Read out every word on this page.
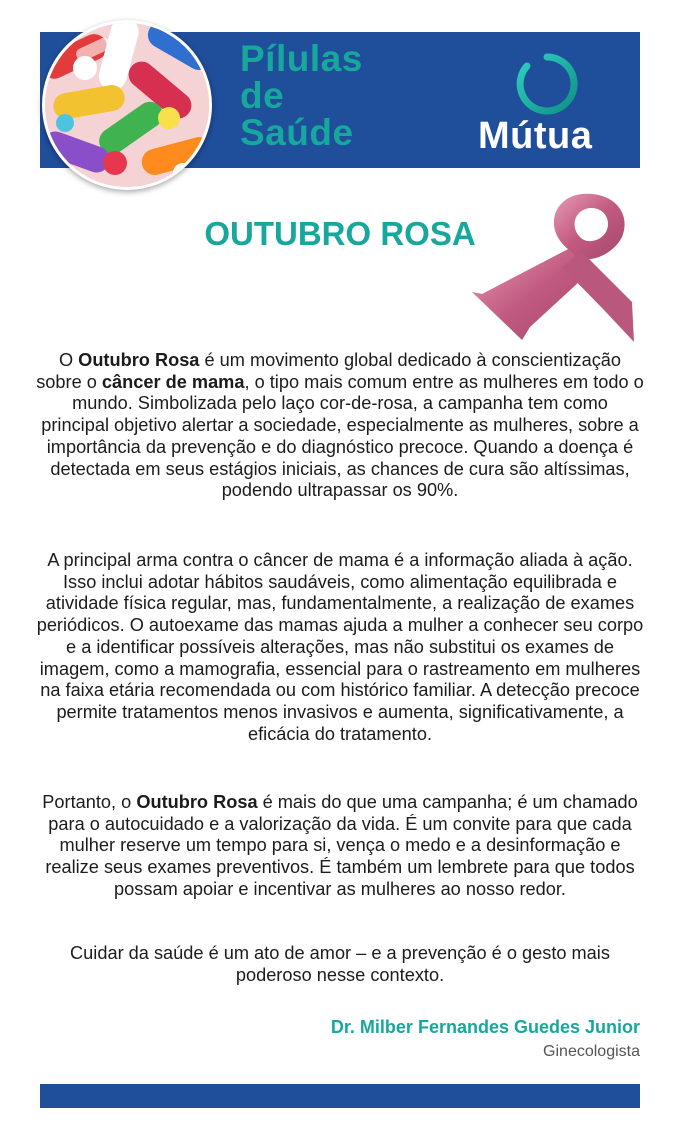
Pílulas
de
Saúde	Mútua
OUTUBRO ROSA
O Outubro Rosa é um movimento global dedicado à conscientização sobre o câncer de mama, o tipo mais comum entre as mulheres em todo o mundo. Simbolizada pelo laço cor-de-rosa, a campanha tem como principal objetivo alertar a sociedade, especialmente as mulheres, sobre a importância da prevenção e do diagnóstico precoce. Quando a doença é detectada em seus estágios iniciais, as chances de cura são altíssimas, podendo ultrapassar os 90%.
A principal arma contra o câncer de mama é a informação aliada à ação. Isso inclui adotar hábitos saudáveis, como alimentação equilibrada e atividade física regular, mas, fundamentalmente, a realização de exames periódicos. O autoexame das mamas ajuda a mulher a conhecer seu corpo e a identificar possíveis alterações, mas não substitui os exames de imagem, como a mamografia, essencial para o rastreamento em mulheres na faixa etária recomendada ou com histórico familiar. A detecção precoce permite tratamentos menos invasivos e aumenta, significativamente, a eficácia do tratamento.
Portanto, o Outubro Rosa é mais do que uma campanha; é um chamado para o autocuidado e a valorização da vida. É um convite para que cada mulher reserve um tempo para si, vença o medo e a desinformação e realize seus exames preventivos. É também um lembrete para que todos possam apoiar e incentivar as mulheres ao nosso redor.
Cuidar da saúde é um ato de amor – e a prevenção é o gesto mais poderoso nesse contexto.
Dr. Milber Fernandes Guedes Junior
Ginecologista
